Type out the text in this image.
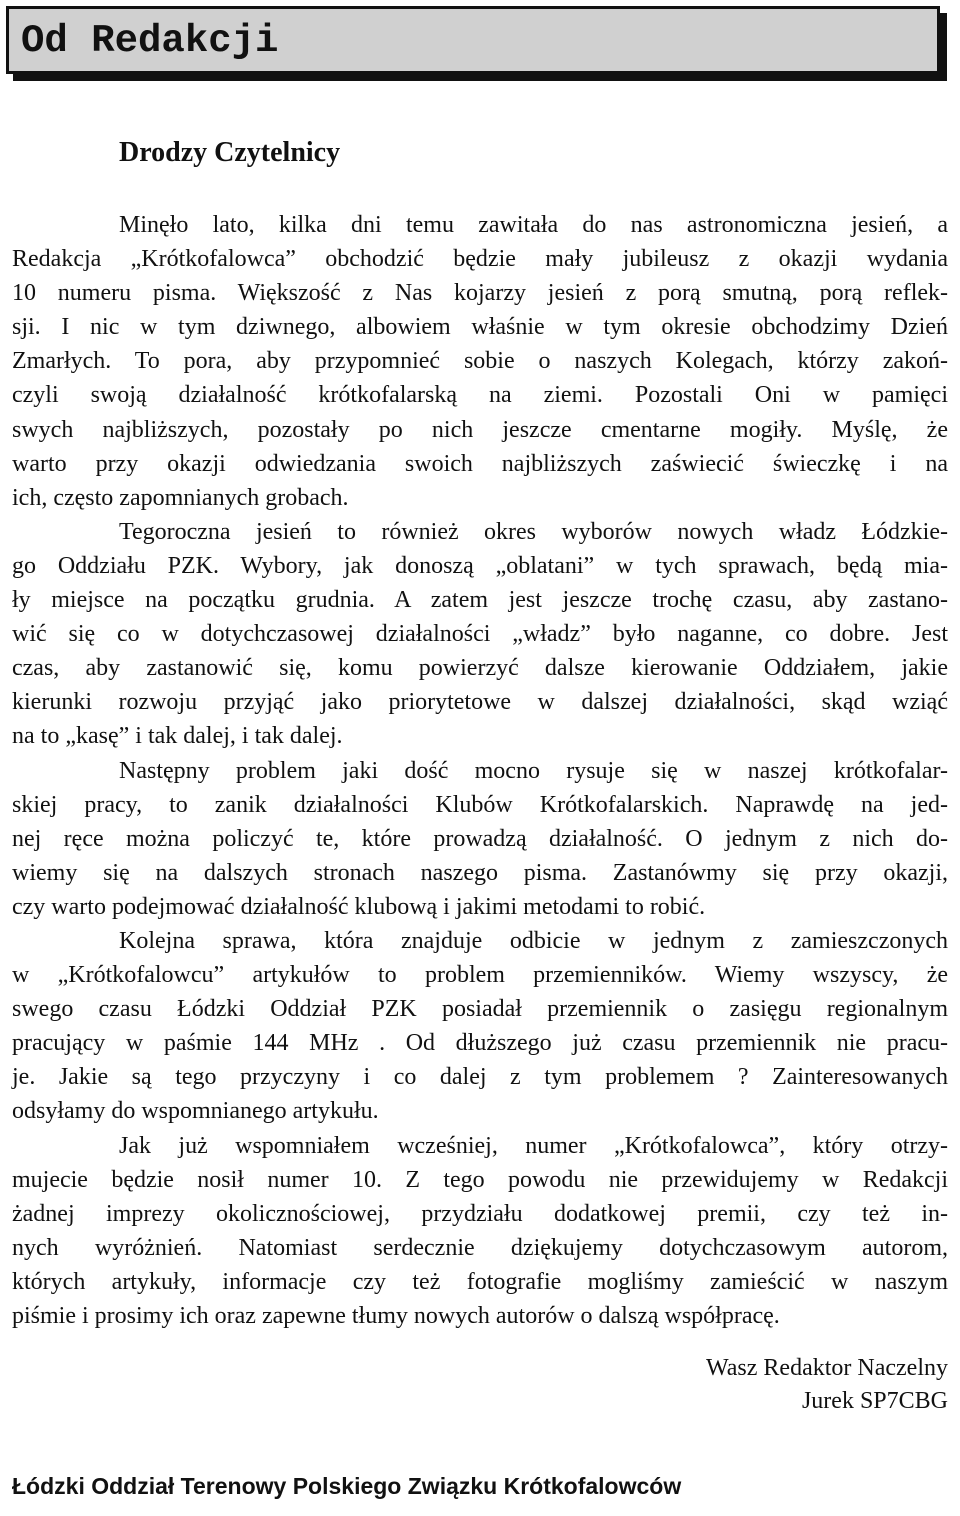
Od Redakcji
Drodzy Czytelnicy
Minęło lato, kilka dni temu zawitała do nas astronomiczna jesień, a
Redakcja „Krótkofalowca” obchodzić będzie mały jubileusz z okazji wydania
10 numeru pisma. Większość z Nas kojarzy jesień z porą smutną, porą reflek-
sji. I nic w tym dziwnego, albowiem właśnie w tym okresie obchodzimy Dzień
Zmarłych. To pora, aby przypomnieć sobie o naszych Kolegach, którzy zakoń-
czyli swoją działalność krótkofalarską na ziemi. Pozostali Oni w pamięci
swych najbliższych, pozostały po nich jeszcze cmentarne mogiły. Myślę, że
warto przy okazji odwiedzania swoich najbliższych zaświecić świeczkę i na
ich, często zapomnianych grobach.
Tegoroczna jesień to również okres wyborów nowych władz Łódzkie-
go Oddziału PZK. Wybory, jak donoszą „oblatani” w tych sprawach, będą mia-
ły miejsce na początku grudnia. A zatem jest jeszcze trochę czasu, aby zastano-
wić się co w dotychczasowej działalności „władz” było naganne, co dobre. Jest
czas, aby zastanowić się, komu powierzyć dalsze kierowanie Oddziałem, jakie
kierunki rozwoju przyjąć jako priorytetowe w dalszej działalności, skąd wziąć
na to „kasę” i tak dalej, i tak dalej.
Następny problem jaki dość mocno rysuje się w naszej krótkofalar-
skiej pracy, to zanik działalności Klubów Krótkofalarskich. Naprawdę na jed-
nej ręce można policzyć te, które prowadzą działalność. O jednym z nich do-
wiemy się na dalszych stronach naszego pisma. Zastanówmy się przy okazji,
czy warto podejmować działalność klubową i jakimi metodami to robić.
Kolejna sprawa, która znajduje odbicie w jednym z zamieszczonych
w „Krótkofalowcu” artykułów to problem przemienników. Wiemy wszyscy, że
swego czasu Łódzki Oddział PZK posiadał przemiennik o zasięgu regionalnym
pracujący w paśmie 144 MHz . Od dłuższego już czasu przemiennik nie pracu-
je. Jakie są tego przyczyny i co dalej z tym problemem ? Zainteresowanych
odsyłamy do wspomnianego artykułu.
Jak już wspomniałem wcześniej, numer „Krótkofalowca”, który otrzy-
mujecie będzie nosił numer 10. Z tego powodu nie przewidujemy w Redakcji
żadnej imprezy okolicznościowej, przydziału dodatkowej premii, czy też in-
nych wyróżnień. Natomiast serdecznie dziękujemy dotychczasowym autorom,
których artykuły, informacje czy też fotografie mogliśmy zamieścić w naszym
piśmie i prosimy ich oraz zapewne tłumy nowych autorów o dalszą współpracę.
Wasz Redaktor Naczelny
Jurek SP7CBG

Łódzki Oddział Terenowy Polskiego Związku Krótkofalowców
